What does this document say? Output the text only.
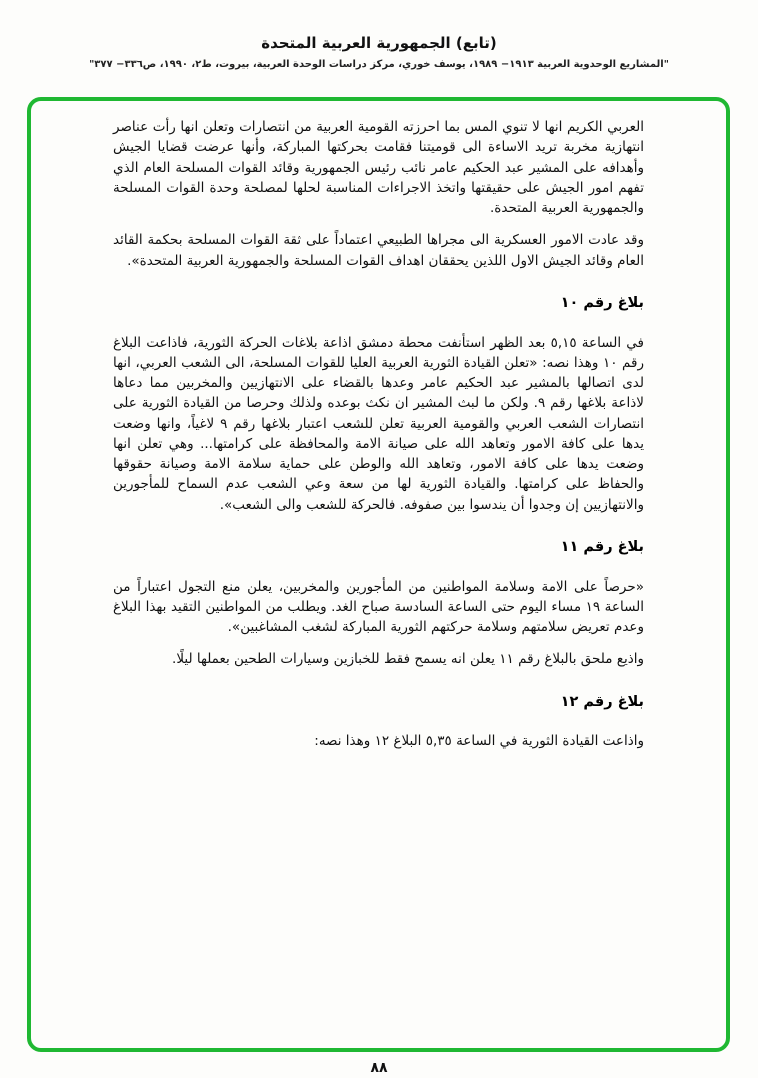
(تابع) الجمهورية العربية المتحدة
"المشاريع الوحدوية العربية ١٩١٣− ١٩٨٩، يوسف خوري، مركز دراسات الوحدة العربية، بيروت، ط٢، ١٩٩٠، ص٣٣٦− ٣٧٧"

العربي الكريم انها لا تنوي المس بما احرزته القومية العربية من انتصارات وتعلن انها رأت عناصر انتهازية مخربة تريد الاساءة الى قوميتنا فقامت بحركتها المباركة، وأنها عرضت قضايا الجيش وأهدافه على المشير عبد الحكيم عامر نائب رئيس الجمهورية وقائد القوات المسلحة العام الذي تفهم امور الجيش على حقيقتها واتخذ الاجراءات المناسبة لحلها لمصلحة وحدة القوات المسلحة والجمهورية العربية المتحدة.

وقد عادت الامور العسكرية الى مجراها الطبيعي اعتماداً على ثقة القوات المسلحة بحكمة القائد العام وقائد الجيش الاول اللذين يحققان اهداف القوات المسلحة والجمهورية العربية المتحدة».

بلاغ رقم ١٠

في الساعة ٥,١٥ بعد الظهر استأنفت محطة دمشق اذاعة بلاغات الحركة الثورية، فاذاعت البلاغ رقم ١٠ وهذا نصه: «تعلن القيادة الثورية العربية العليا للقوات المسلحة، الى الشعب العربي، انها لدى اتصالها بالمشير عبد الحكيم عامر وعدها بالقضاء على الانتهازيين والمخربين مما دعاها لاذاعة بلاغها رقم ٩. ولكن ما لبث المشير ان نكث بوعده ولذلك وحرصا من القيادة الثورية على انتصارات الشعب العربي والقومية العربية تعلن للشعب اعتبار بلاغها رقم ٩ لاغياً، وانها وضعت يدها على كافة الامور وتعاهد الله على صيانة الامة والمحافظة على كرامتها... وهي تعلن انها وضعت يدها على كافة الامور، وتعاهد الله والوطن على حماية سلامة الامة وصيانة حقوقها والحفاظ على كرامتها. والقيادة الثورية لها من سعة وعي الشعب عدم السماح للمأجورين والانتهازيين إن وجدوا أن يندسوا بين صفوفه. فالحركة للشعب والى الشعب».

بلاغ رقم ١١

«حرصاً على الامة وسلامة المواطنين من المأجورين والمخربين، يعلن منع التجول اعتباراً من الساعة ١٩ مساء اليوم حتى الساعة السادسة صباح الغد. ويطلب من المواطنين التقيد بهذا البلاغ وعدم تعريض سلامتهم وسلامة حركتهم الثورية المباركة لشغب المشاغبين».

واذيع ملحق بالبلاغ رقم ١١ يعلن انه يسمح فقط للخبازين وسيارات الطحين بعملها ليلًا.

بلاغ رقم ١٢

واذاعت القيادة الثورية في الساعة ٥,٣٥ البلاغ ١٢ وهذا نصه:

٨٨
